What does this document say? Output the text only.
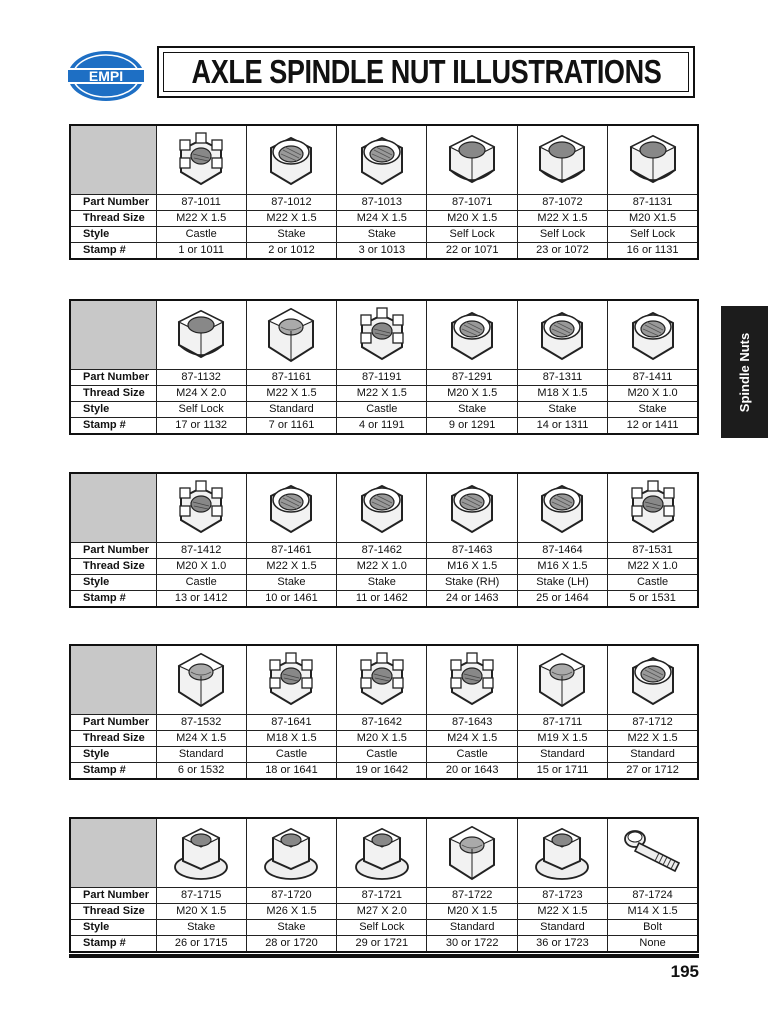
EMPI AXLE SPINDLE NUT ILLUSTRATIONS
Spindle Nuts

Part Number	87-1011	87-1012	87-1013	87-1071	87-1072	87-1131
Thread Size	M22 X 1.5	M22 X 1.5	M24 X 1.5	M20 X 1.5	M22 X 1.5	M20 X1.5
Style	Castle	Stake	Stake	Self Lock	Self Lock	Self Lock
Stamp #	1 or 1011	2 or 1012	3 or 1013	22 or 1071	23 or 1072	16 or 1131

Part Number	87-1132	87-1161	87-1191	87-1291	87-1311	87-1411
Thread Size	M24 X 2.0	M22 X 1.5	M22 X 1.5	M20 X 1.5	M18 X 1.5	M20 X 1.0
Style	Self Lock	Standard	Castle	Stake	Stake	Stake
Stamp #	17 or 1132	7 or 1161	4 or 1191	9 or 1291	14 or 1311	12 or 1411

Part Number	87-1412	87-1461	87-1462	87-1463	87-1464	87-1531
Thread Size	M20 X 1.0	M22 X 1.5	M22 X 1.0	M16 X 1.5	M16 X 1.5	M22 X 1.0
Style	Castle	Stake	Stake	Stake (RH)	Stake (LH)	Castle
Stamp #	13 or 1412	10 or 1461	11 or 1462	24 or 1463	25 or 1464	5 or 1531

Part Number	87-1532	87-1641	87-1642	87-1643	87-1711	87-1712
Thread Size	M24 X 1.5	M18 X 1.5	M20 X 1.5	M24 X 1.5	M19 X 1.5	M22 X 1.5
Style	Standard	Castle	Castle	Castle	Standard	Standard
Stamp #	6 or 1532	18 or 1641	19 or 1642	20 or 1643	15 or 1711	27 or 1712

Part Number	87-1715	87-1720	87-1721	87-1722	87-1723	87-1724
Thread Size	M20 X 1.5	M26 X 1.5	M27 X 2.0	M20 X 1.5	M22 X 1.5	M14 X 1.5
Style	Stake	Stake	Self Lock	Standard	Standard	Bolt
Stamp #	26 or 1715	28 or 1720	29 or 1721	30 or 1722	36 or 1723	None
195
